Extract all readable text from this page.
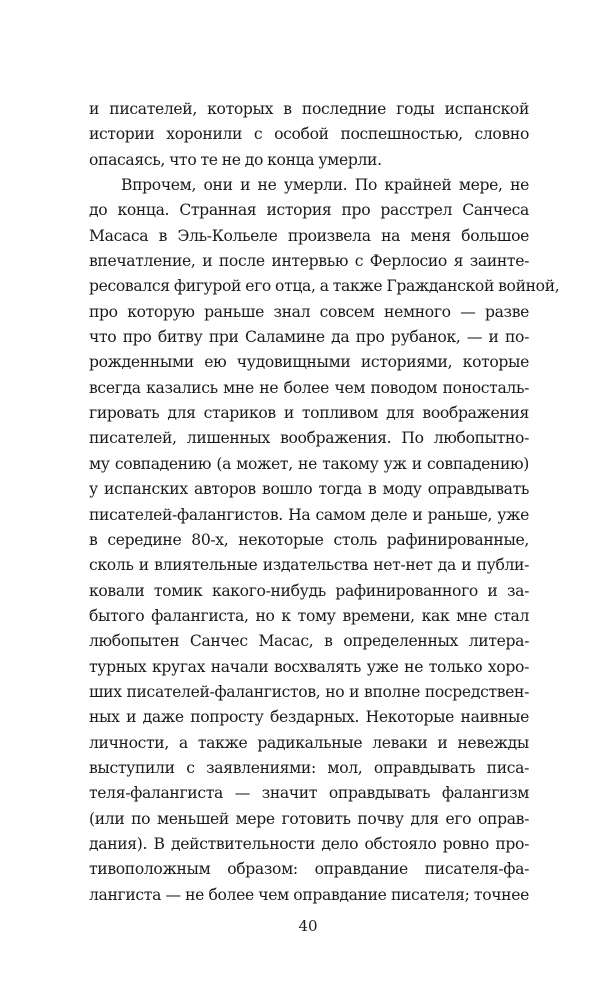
и писателей, которых в последние годы испанской
истории хоронили с особой поспешностью, словно
опасаясь, что те не до конца умерли.
Впрочем, они и не умерли. По крайней мере, не
до конца. Странная история про расстрел Санчеса
Масаса в Эль-Кольеле произвела на меня большое
впечатление, и после интервью с Ферлосио я заинте-
ресовался фигурой его отца, а также Гражданской войной,
про которую раньше знал совсем немного — разве
что про битву при Саламине да про рубанок, — и по-
рожденными ею чудовищными историями, которые
всегда казались мне не более чем поводом поносталь-
гировать для стариков и топливом для воображения
писателей, лишенных воображения. По любопытно-
му совпадению (а может, не такому уж и совпадению)
у испанских авторов вошло тогда в моду оправдывать
писателей-фалангистов. На самом деле и раньше, уже
в середине 80-х, некоторые столь рафинированные,
сколь и влиятельные издательства нет-нет да и публи-
ковали томик какого-нибудь рафинированного и за-
бытого фалангиста, но к тому времени, как мне стал
любопытен Санчес Масас, в определенных литера-
турных кругах начали восхвалять уже не только хоро-
ших писателей-фалангистов, но и вполне посредствен-
ных и даже попросту бездарных. Некоторые наивные
личности, а также радикальные леваки и невежды
выступили с заявлениями: мол, оправдывать писа-
теля-фалангиста — значит оправдывать фалангизм
(или по меньшей мере готовить почву для его оправ-
дания). В действительности дело обстояло ровно про-
тивоположным образом: оправдание писателя-фа-
лангиста — не более чем оправдание писателя; точнее
40
